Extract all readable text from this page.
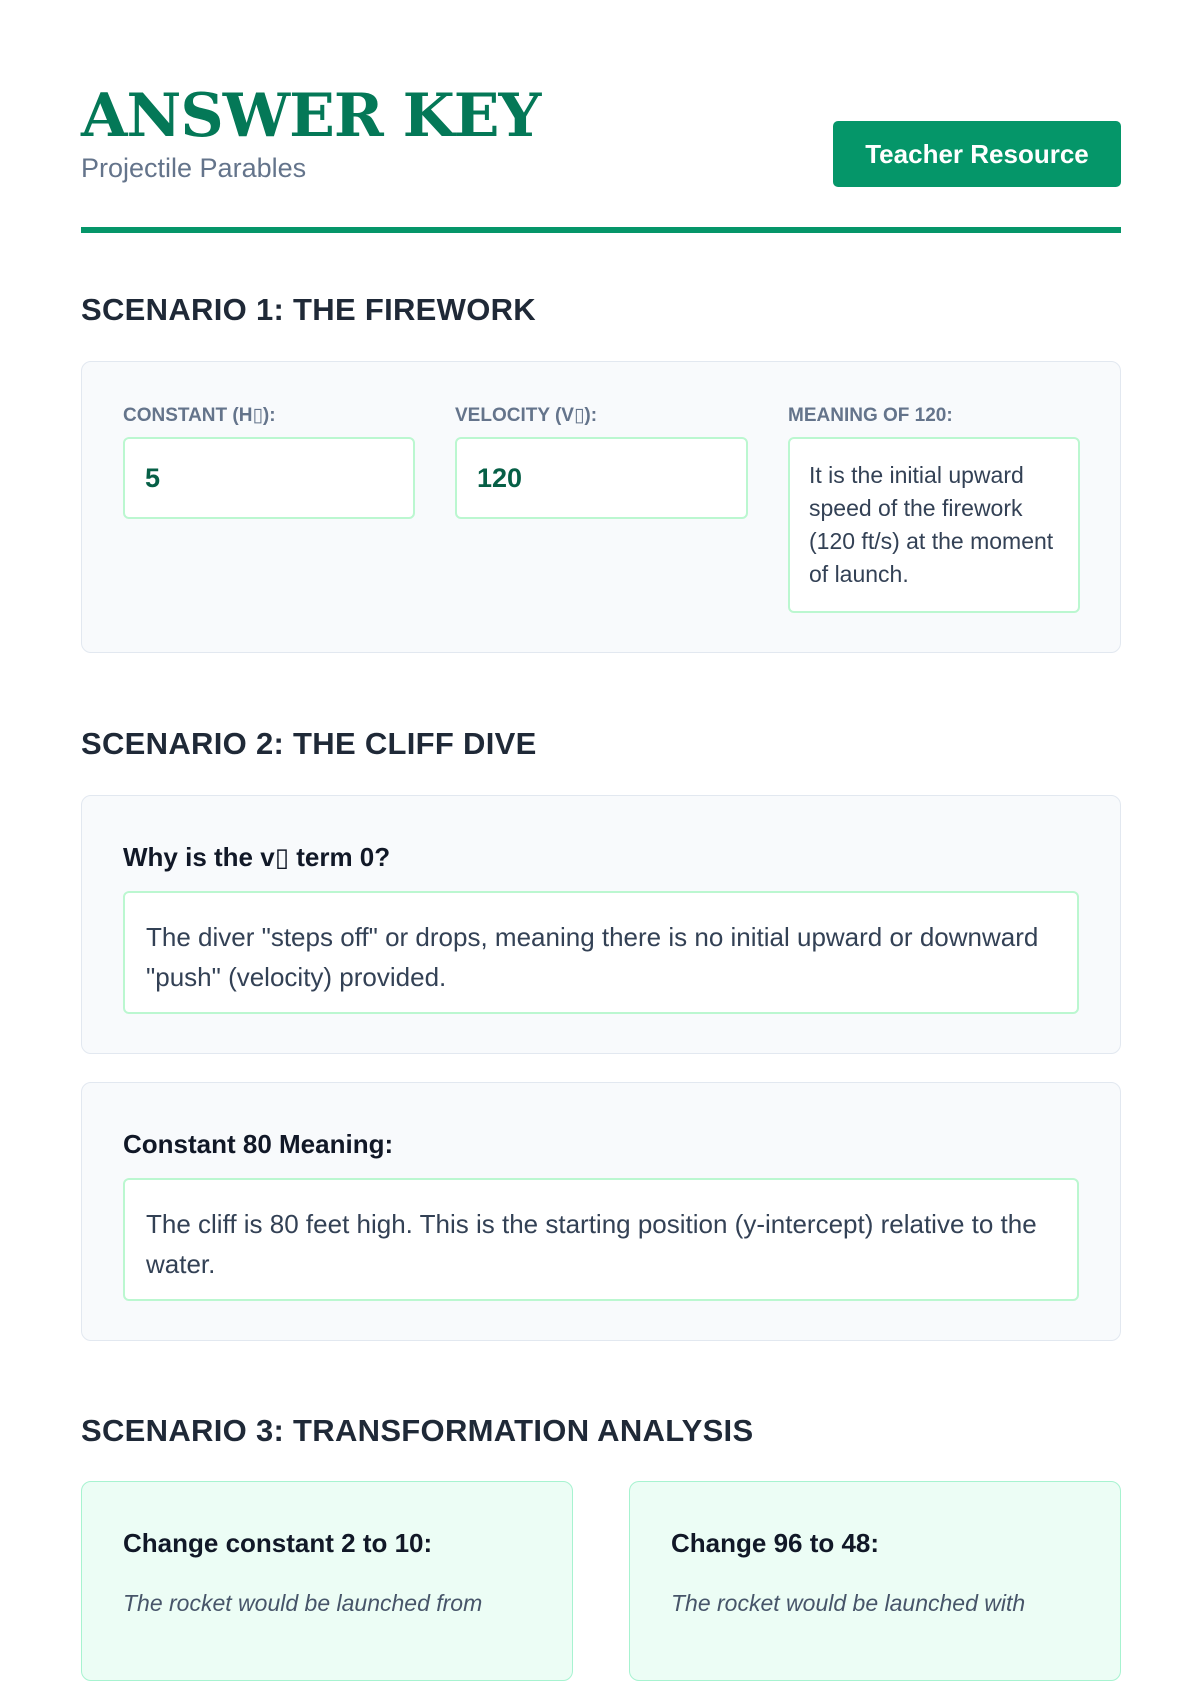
ANSWER KEY
Projectile Parables	Teacher Resource
SCENARIO 1: THE FIREWORK
CONSTANT (H▯):
5
VELOCITY (V▯):
120
MEANING OF 120:
It is the initial upward speed of the firework (120 ft/s) at the moment of launch.
SCENARIO 2: THE CLIFF DIVE
Why is the v▯ term 0?
The diver "steps off" or drops, meaning there is no initial upward or downward "push" (velocity) provided.
Constant 80 Meaning:
The cliff is 80 feet high. This is the starting position (y-intercept) relative to the water.
SCENARIO 3: TRANSFORMATION ANALYSIS
Change constant 2 to 10:
The rocket would be launched from
Change 96 to 48:
The rocket would be launched with
